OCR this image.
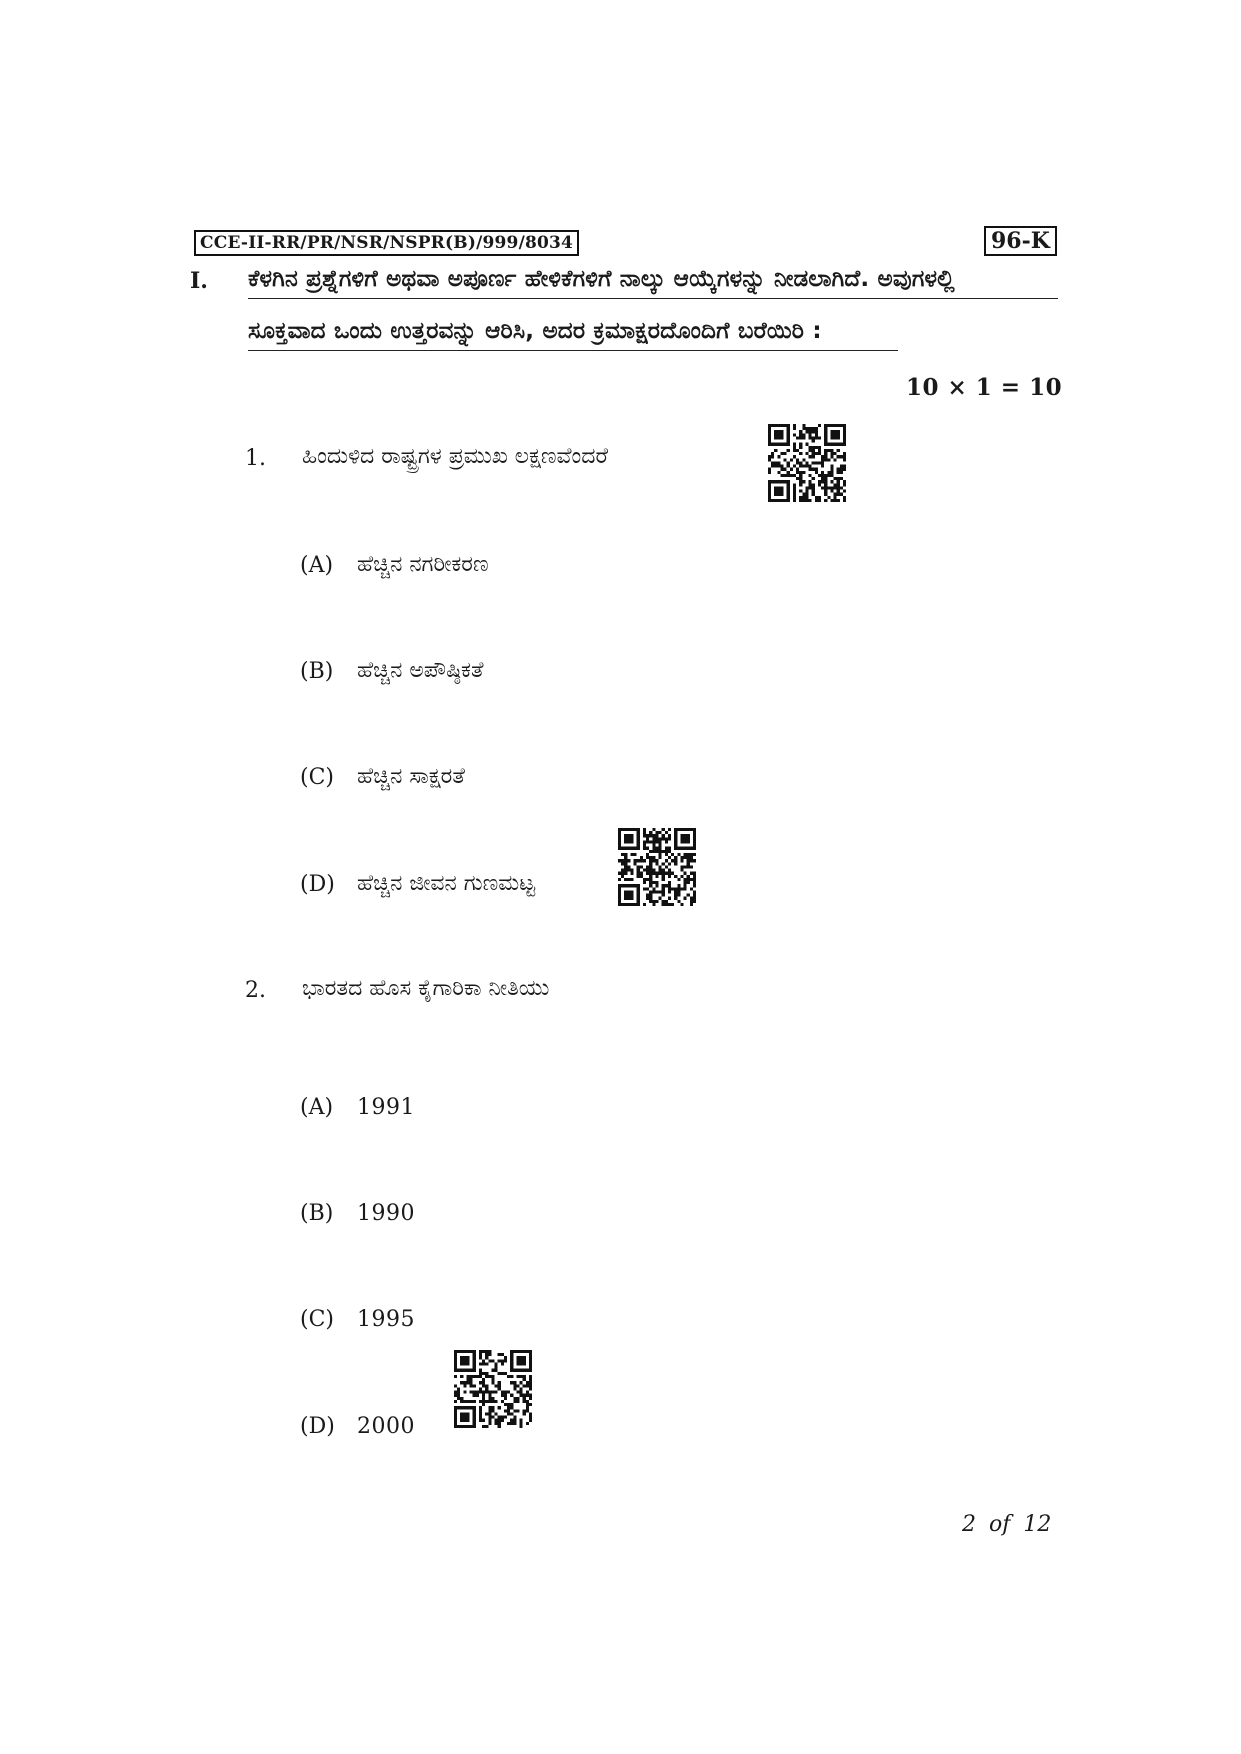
CCE-II-RR/PR/NSR/NSPR(B)/999/8034	96-K
I. ಕೆಳಗಿನ ಪ್ರಶ್ನೆಗಳಿಗೆ ಅಥವಾ ಅಪೂರ್ಣ ಹೇಳಿಕೆಗಳಿಗೆ ನಾಲ್ಕು ಆಯ್ಕೆಗಳನ್ನು ನೀಡಲಾಗಿದೆ. ಅವುಗಳಲ್ಲಿ
ಸೂಕ್ತವಾದ ಒಂದು ಉತ್ತರವನ್ನು ಆರಿಸಿ, ಅದರ ಕ್ರಮಾಕ್ಷರದೊಂದಿಗೆ ಬರೆಯಿರಿ :
10 × 1 = 10
1. ಹಿಂದುಳಿದ ರಾಷ್ಟ್ರಗಳ ಪ್ರಮುಖ ಲಕ್ಷಣವೆಂದರೆ
(A) ಹೆಚ್ಚಿನ ನಗರೀಕರಣ
(B) ಹೆಚ್ಚಿನ ಅಪೌಷ್ಠಿಕತೆ
(C) ಹೆಚ್ಚಿನ ಸಾಕ್ಷರತೆ
(D) ಹೆಚ್ಚಿನ ಜೀವನ ಗುಣಮಟ್ಟ
2. ಭಾರತದ ಹೊಸ ಕೈಗಾರಿಕಾ ನೀತಿಯು
(A) 1991
(B) 1990
(C) 1995
(D) 2000
2 of 12
